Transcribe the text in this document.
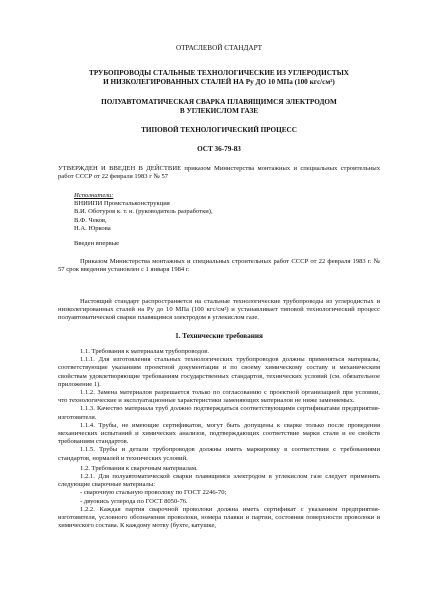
ОТРАСЛЕВОЙ СТАНДАРТ
ТРУБОПРОВОДЫ СТАЛЬНЫЕ ТЕХНОЛОГИЧЕСКИЕ ИЗ УГЛЕРОДИСТЫХ
И НИЗКОЛЕГИРОВАННЫХ СТАЛЕЙ НА Ру ДО 10 МПа (100 кгс/см²)
ПОЛУАВТОМАТИЧЕСКАЯ СВАРКА ПЛАВЯЩИМСЯ ЭЛЕКТРОДОМ
В УГЛЕКИСЛОМ ГАЗЕ
ТИПОВОЙ ТЕХНОЛОГИЧЕСКИЙ ПРОЦЕСС
ОСТ 36-79-83

УТВЕРЖДЕН И ВВЕДЕН В ДЕЙСТВИЕ приказом Министерства монтажных и специальных строительных работ СССР от 22 февраля 1983 г № 57

Исполнители:
ВНИИПИ Промстальконструкция
В.И. Оботуров к. т. н. (руководитель разработки),
В.Ф. Чеков,
Н.А. Юркова
Введен впервые
Приказом Министерства монтажных и специальных строительных работ СССР от 22 февраля 1983 г. № 57 срок введения установлен с 1 января 1984 г.
Настоящий стандарт распространяется на стальные технологические трубопроводы из углеродистых и низколегированных сталей на Ру до 10 МПа (100 кгс/см²) и устанавливает типовой технологический процесс полуавтоматической сварки плавящимся электродом в углекислом газе.
1. Технические требования

1.1. Требования к материалам трубопроводов.

1.1.1. Для изготовления стальных технологических трубопроводов должны применяться материалы, соответствующие указаниям проектной документации и по своему химическому составу и механическим свойствам удовлетворяющие требованиям государственных стандартов, технических условий (см. обязательное приложение 1).

1.1.2. Замена материалов разрешается только по согласованию с проектной организацией при условии, что технологические и эксплуатационные характеристики заменяющих материалов не ниже заменяемых.

1.1.3. Качество материала труб должно подтверждаться соответствующими сертификатами предприятия-изготовителя.

1.1.4. Трубы, не имеющие сертификатов, могут быть допущены к сварке только после проведения механических испытаний и химических анализов, подтверждающих соответствие марки стали и ее свойств требованиям стандартов.

1.1.5. Трубы и детали трубопроводов должны иметь маркировку в соответствии с требованиями стандартов, нормалей и технических условий.

1.2. Требования к сварочным материалам.

1.2.1. Для полуавтоматической сварки плавящимся электродом в углекислом газе следует применять следующие сварочные материалы:

- сварочную стальную проволоку по ГОСТ 2246-70;

- двуокись углерода по ГОСТ 8050-76.

1.2.2. Каждая партия сварочной проволоки должна иметь сертификат с указанием предприятия-изготовителя, условного обозначения проволоки, номера плавки и партии, состояния поверхности проволоки и химического состава. К каждому мотку (бухте, катушке,
